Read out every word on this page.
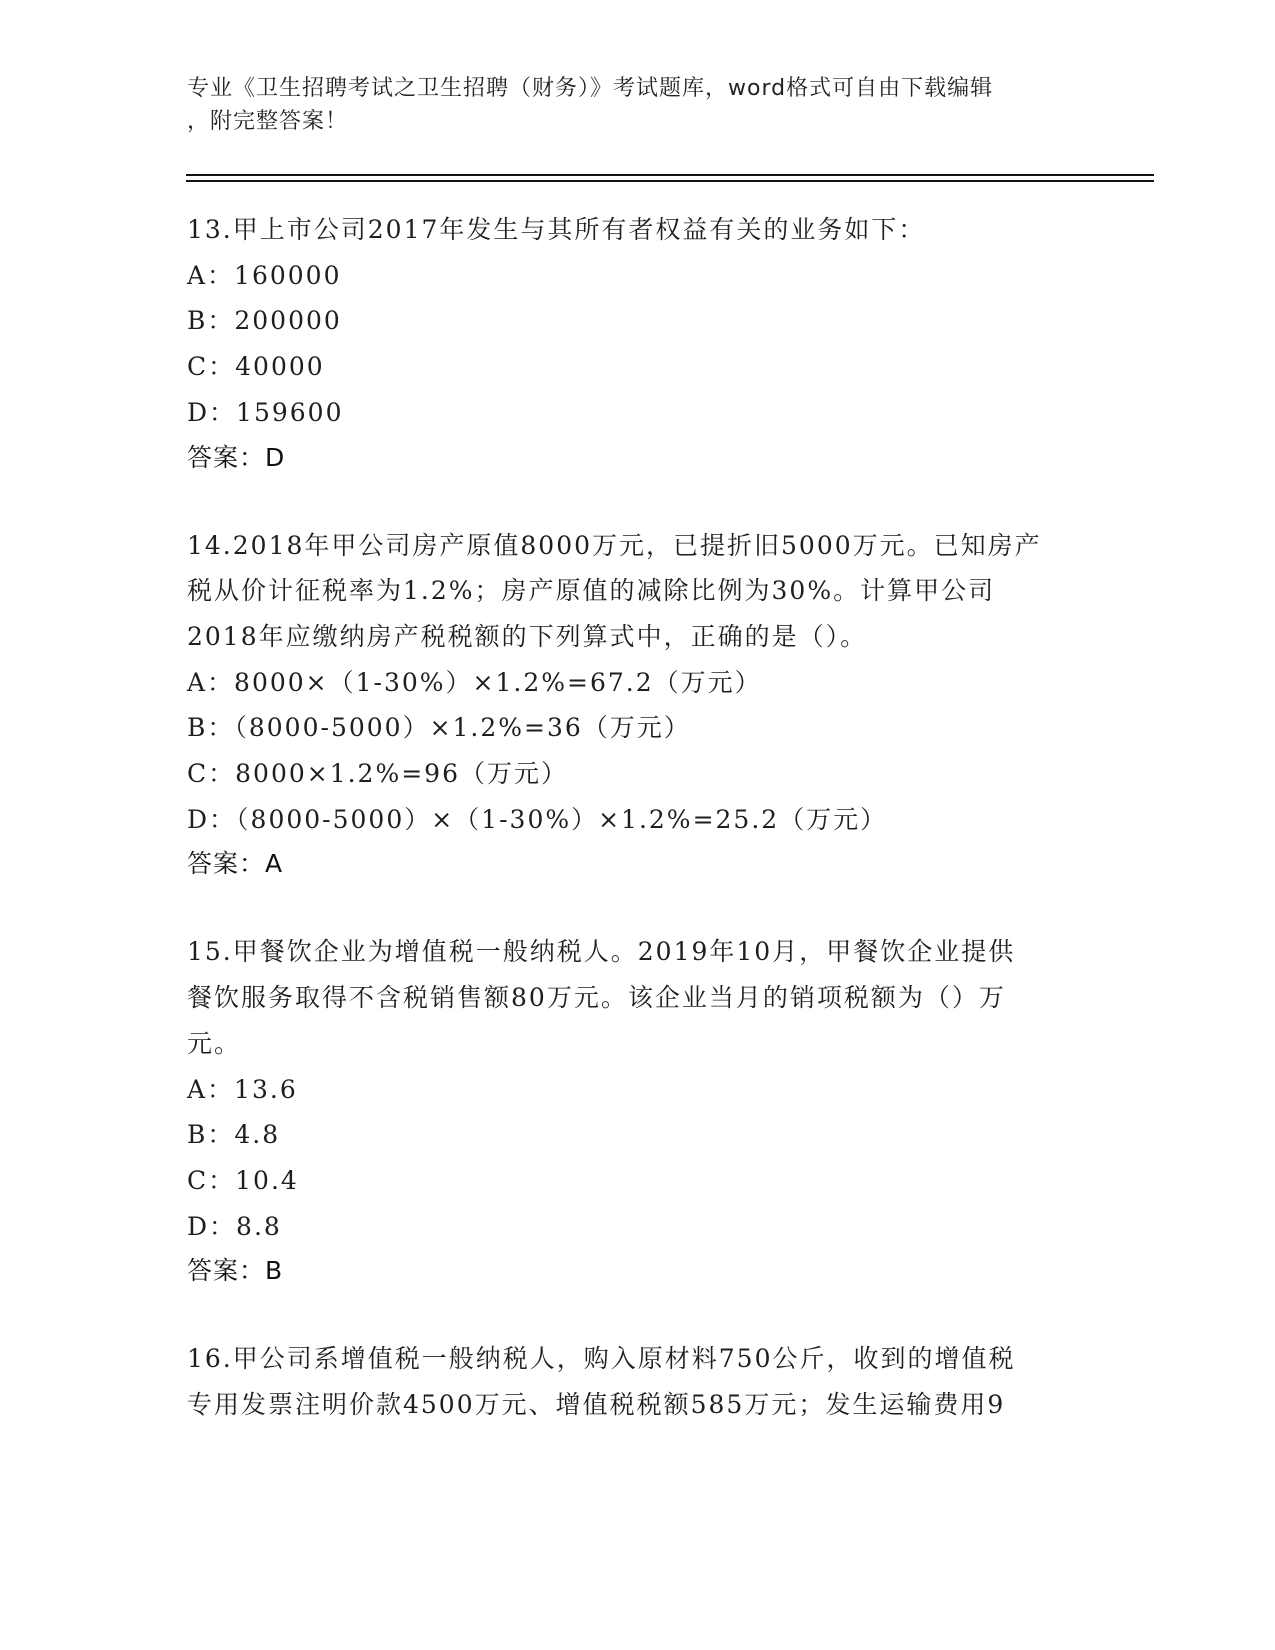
专业《卫生招聘考试之卫生招聘（财务）》考试题库，word格式可自由下载编辑
，附完整答案！
13.甲上市公司2017年发生与其所有者权益有关的业务如下：
A：160000
B：200000
C：40000
D：159600
答案：D
14.2018年甲公司房产原值8000万元，已提折旧5000万元。已知房产
税从价计征税率为1.2%；房产原值的减除比例为30%。计算甲公司
2018年应缴纳房产税税额的下列算式中，正确的是（）。
A：8000×（1-30%）×1.2%=67.2（万元）
B：（8000-5000）×1.2%=36（万元）
C：8000×1.2%=96（万元）
D：（8000-5000）×（1-30%）×1.2%=25.2（万元）
答案：A
15.甲餐饮企业为增值税一般纳税人。2019年10月，甲餐饮企业提供
餐饮服务取得不含税销售额80万元。该企业当月的销项税额为（）万
元。
A：13.6
B：4.8
C：10.4
D：8.8
答案：B
16.甲公司系增值税一般纳税人，购入原材料750公斤，收到的增值税
专用发票注明价款4500万元、增值税税额585万元；发生运输费用9
